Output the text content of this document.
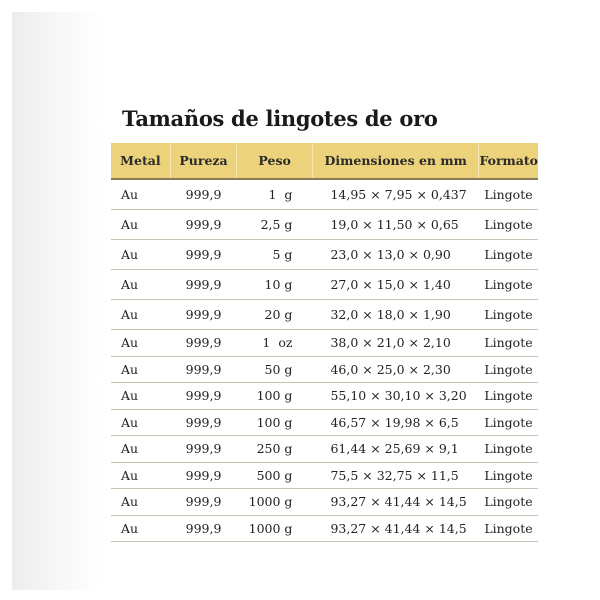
Tamaños de lingotes de oro
Metal	Pureza	Peso	Dimensiones en mm	Formato
Au	999,9	1  g	14,95 × 7,95 × 0,437	Lingote
Au	999,9	2,5 g	19,0 × 11,50 × 0,65	Lingote
Au	999,9	5 g	23,0 × 13,0 × 0,90	Lingote
Au	999,9	10 g	27,0 × 15,0 × 1,40	Lingote
Au	999,9	20 g	32,0 × 18,0 × 1,90	Lingote
Au	999,9	1  oz	38,0 × 21,0 × 2,10	Lingote
Au	999,9	50 g	46,0 × 25,0 × 2,30	Lingote
Au	999,9	100 g	55,10 × 30,10 × 3,20	Lingote
Au	999,9	100 g	46,57 × 19,98 × 6,5	Lingote
Au	999,9	250 g	61,44 × 25,69 × 9,1	Lingote
Au	999,9	500 g	75,5 × 32,75 × 11,5	Lingote
Au	999,9	1000 g	93,27 × 41,44 × 14,5	Lingote
Au	999,9	1000 g	93,27 × 41,44 × 14,5	Lingote
